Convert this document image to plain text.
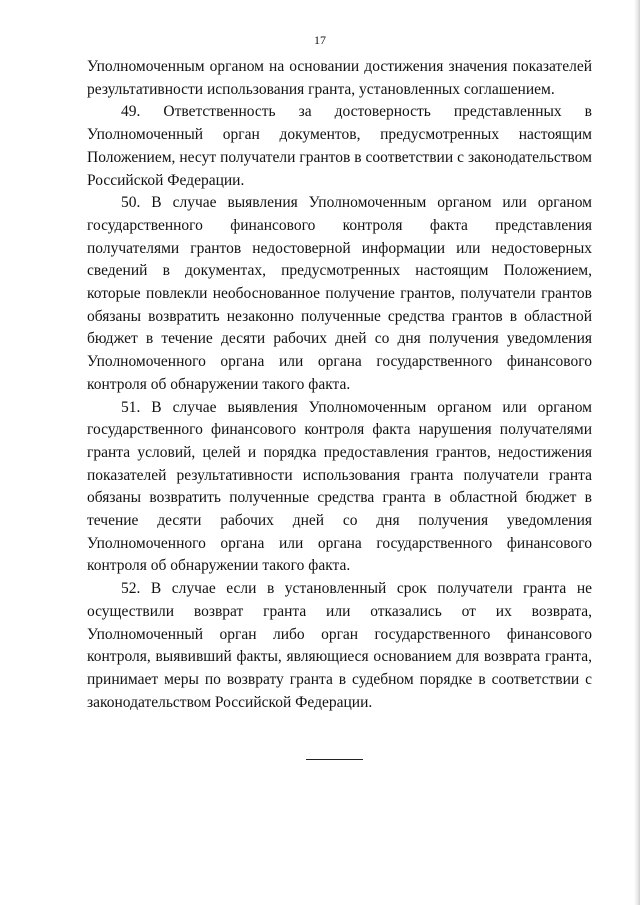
17

Уполномоченным органом на основании достижения значения показателей результативности использования гранта, установленных соглашением.

49. Ответственность за достоверность представленных в Уполномоченный орган документов, предусмотренных настоящим Положением, несут получатели грантов в соответствии с законодательством Российской Федерации.

50. В случае выявления Уполномоченным органом или органом государственного финансового контроля факта представления получателями грантов недостоверной информации или недостоверных сведений в документах, предусмотренных настоящим Положением, которые повлекли необоснованное получение грантов, получатели грантов обязаны возвратить незаконно полученные средства грантов в областной бюджет в течение десяти рабочих дней со дня получения уведомления Уполномоченного органа или органа государственного финансового контроля об обнаружении такого факта.

51. В случае выявления Уполномоченным органом или органом государственного финансового контроля факта нарушения получателями гранта условий, целей и порядка предоставления грантов, недостижения показателей результативности использования гранта получатели гранта обязаны возвратить полученные средства гранта в областной бюджет в течение десяти рабочих дней со дня получения уведомления Уполномоченного органа или органа государственного финансового контроля об обнаружении такого факта.

52. В случае если в установленный срок получатели гранта не осуществили возврат гранта или отказались от их возврата, Уполномоченный орган либо орган государственного финансового контроля, выявивший факты, являющиеся основанием для возврата гранта, принимает меры по возврату гранта в судебном порядке в соответствии с законодательством Российской Федерации.
